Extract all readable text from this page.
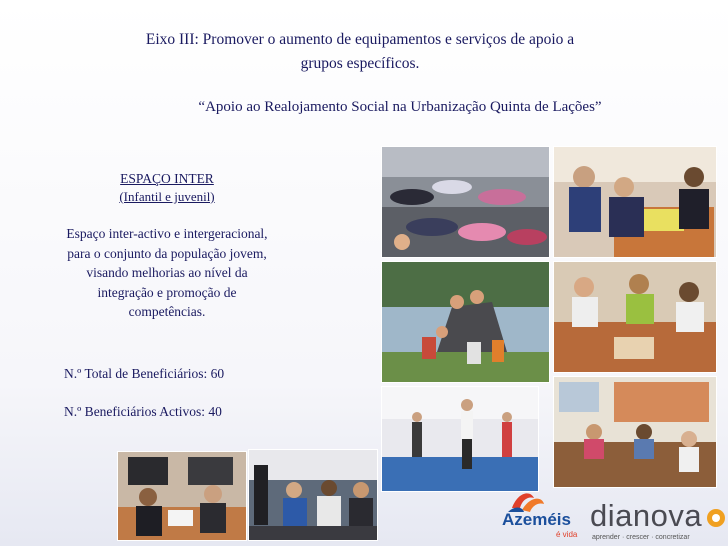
Eixo III: Promover o aumento de equipamentos e serviços de apoio a
grupos específicos.
“Apoio ao Realojamento Social na Urbanização Quinta de Lações”
ESPAÇO INTER
(Infantil e juvenil)
Espaço inter-activo e intergeracional, para o conjunto da população jovem, visando melhorias ao nível da integração e promoção de competências.
N.º Total de Beneficiários: 60
N.º Beneficiários Activos: 40
Azeméis
é vida
dianova
aprender · crescer · concretizar
